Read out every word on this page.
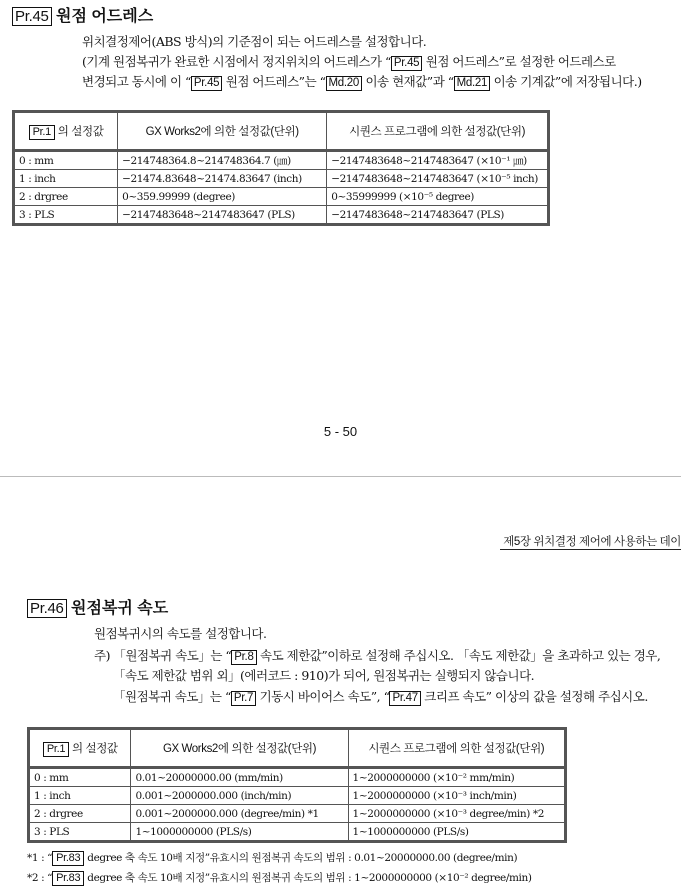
Pr.45 원점 어드레스
위치결정제어(ABS 방식)의 기준점이 되는 어드레스를 설정합니다.
(기계 원점복귀가 완료한 시점에서 정지위치의 어드레스가 “ Pr.45 원점 어드레스”로 설정한 어드레스로
변경되고 동시에 이 “ Pr.45 원점 어드레스”는 “ Md.20 이송 현재값”과 “ Md.21 이송 기계값”에 저장됩니다.)
Pr.1 의 설정값	GX Works2에 의한 설정값(단위)	시퀀스 프로그램에 의한 설정값(단위)
0 : mm	−214748364.8~214748364.7 (㎛)	−2147483648~2147483647 (×10⁻¹ ㎛)
1 : inch	−21474.83648~21474.83647 (inch)	−2147483648~2147483647 (×10⁻⁵ inch)
2 : drgree	0~359.99999 (degree)	0~35999999 (×10⁻⁵ degree)
3 : PLS	−2147483648~2147483647 (PLS)	−2147483648~2147483647 (PLS)
5 - 50
제5장 위치결정 제어에 사용하는 데이
Pr.46 원점복귀 속도
원점복귀시의 속도를 설정합니다.
주) 「원점복귀 속도」는 “ Pr.8 속도 제한값”이하로 설정해 주십시오. 「속도 제한값」을 초과하고 있는 경우,
「속도 제한값 범위 외」(에러코드 : 910)가 되어, 원점복귀는 실행되지 않습니다.
「원점복귀 속도」는 “ Pr.7 기동시 바이어스 속도”, “ Pr.47 크리프 속도” 이상의 값을 설정해 주십시오.
Pr.1 의 설정값	GX Works2에 의한 설정값(단위)	시퀀스 프로그램에 의한 설정값(단위)
0 : mm	0.01~20000000.00 (mm/min)	1~2000000000 (×10⁻² mm/min)
1 : inch	0.001~2000000.000 (inch/min)	1~2000000000 (×10⁻³ inch/min)
2 : drgree	0.001~2000000.000 (degree/min) *1	1~2000000000 (×10⁻³ degree/min) *2
3 : PLS	1~1000000000 (PLS/s)	1~1000000000 (PLS/s)
*1 : “ Pr.83 degree 축 속도 10배 지정”유효시의 원점복귀 속도의 범위 : 0.01~20000000.00 (degree/min)
*2 : “ Pr.83 degree 축 속도 10배 지정”유효시의 원점복귀 속도의 범위 : 1~2000000000 (×10⁻² degree/min)
